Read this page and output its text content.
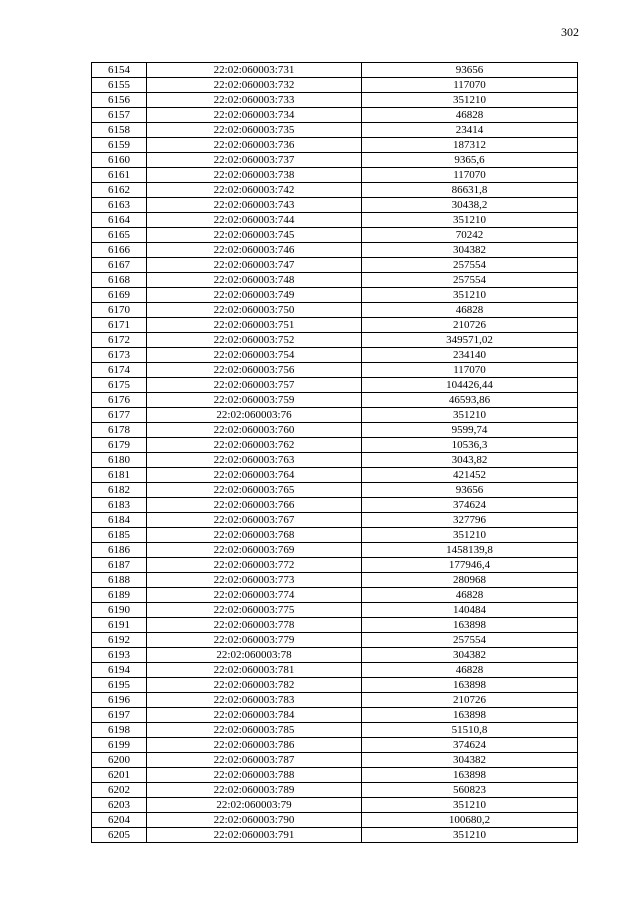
302
6154	22:02:060003:731	93656
6155	22:02:060003:732	117070
6156	22:02:060003:733	351210
6157	22:02:060003:734	46828
6158	22:02:060003:735	23414
6159	22:02:060003:736	187312
6160	22:02:060003:737	9365,6
6161	22:02:060003:738	117070
6162	22:02:060003:742	86631,8
6163	22:02:060003:743	30438,2
6164	22:02:060003:744	351210
6165	22:02:060003:745	70242
6166	22:02:060003:746	304382
6167	22:02:060003:747	257554
6168	22:02:060003:748	257554
6169	22:02:060003:749	351210
6170	22:02:060003:750	46828
6171	22:02:060003:751	210726
6172	22:02:060003:752	349571,02
6173	22:02:060003:754	234140
6174	22:02:060003:756	117070
6175	22:02:060003:757	104426,44
6176	22:02:060003:759	46593,86
6177	22:02:060003:76	351210
6178	22:02:060003:760	9599,74
6179	22:02:060003:762	10536,3
6180	22:02:060003:763	3043,82
6181	22:02:060003:764	421452
6182	22:02:060003:765	93656
6183	22:02:060003:766	374624
6184	22:02:060003:767	327796
6185	22:02:060003:768	351210
6186	22:02:060003:769	1458139,8
6187	22:02:060003:772	177946,4
6188	22:02:060003:773	280968
6189	22:02:060003:774	46828
6190	22:02:060003:775	140484
6191	22:02:060003:778	163898
6192	22:02:060003:779	257554
6193	22:02:060003:78	304382
6194	22:02:060003:781	46828
6195	22:02:060003:782	163898
6196	22:02:060003:783	210726
6197	22:02:060003:784	163898
6198	22:02:060003:785	51510,8
6199	22:02:060003:786	374624
6200	22:02:060003:787	304382
6201	22:02:060003:788	163898
6202	22:02:060003:789	560823
6203	22:02:060003:79	351210
6204	22:02:060003:790	100680,2
6205	22:02:060003:791	351210
